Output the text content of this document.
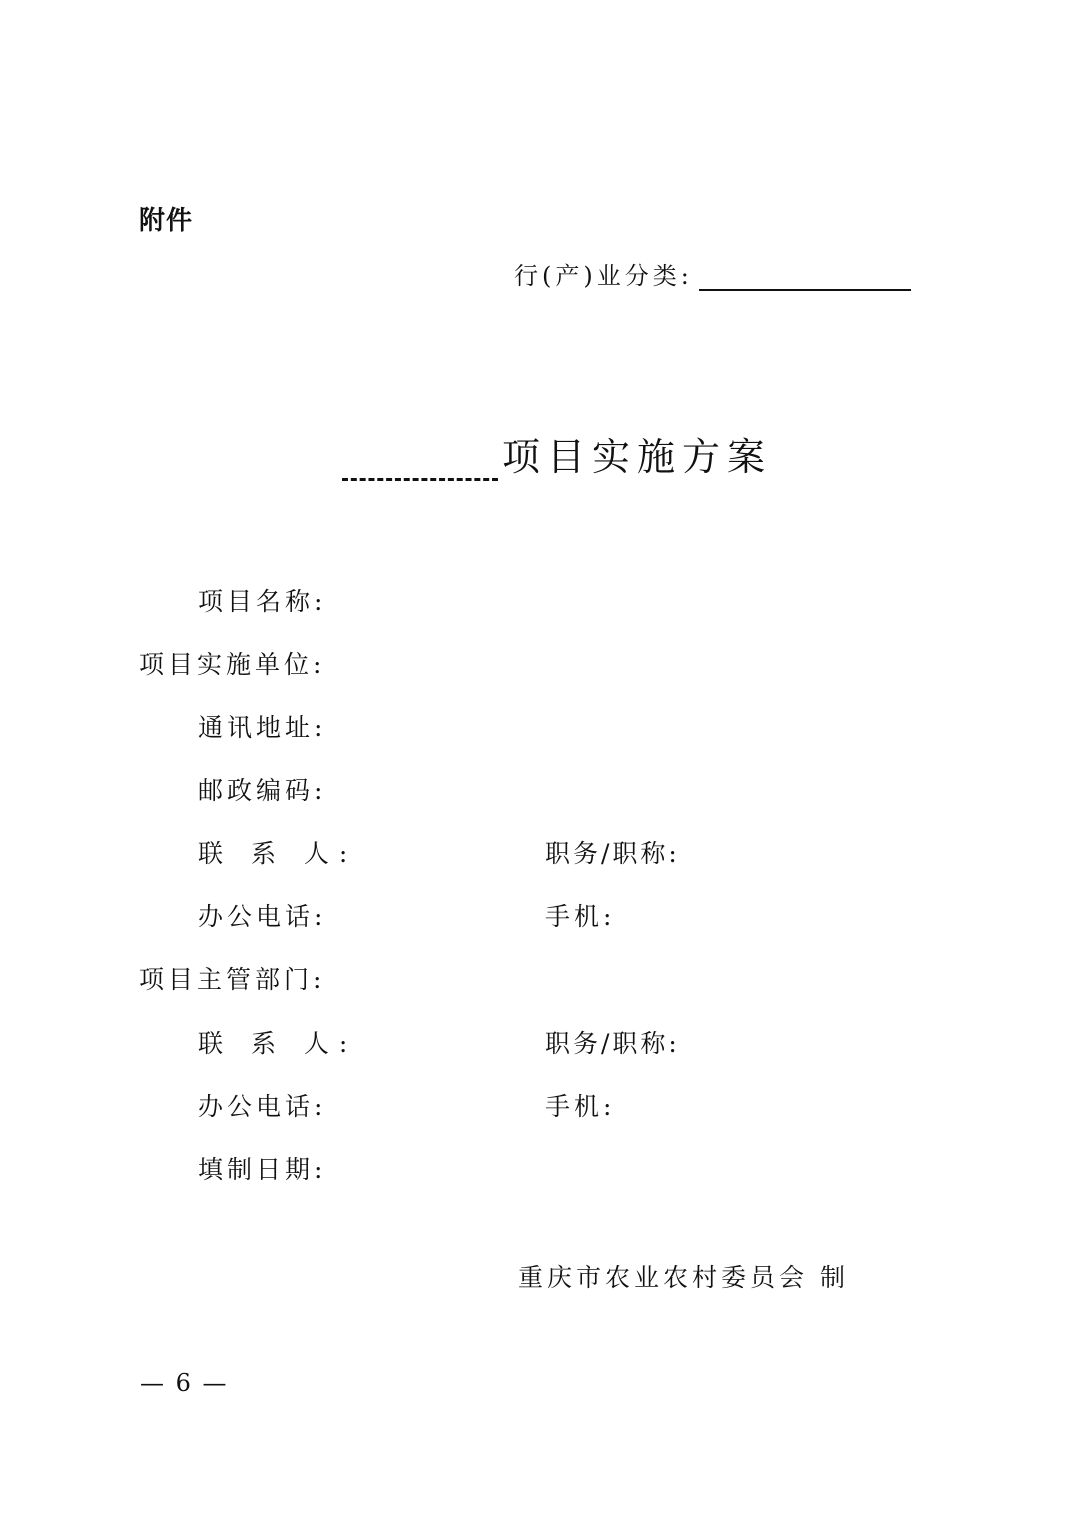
附件
行(产)业分类:
项目实施方案
项目名称:
项目实施单位:
通讯地址:
邮政编码:
联 系 人:	职务/职称:
办公电话:	手机:
项目主管部门:
联 系 人:	职务/职称:
办公电话:	手机:
填制日期:
重庆市农业农村委员会 制
— 6 —
